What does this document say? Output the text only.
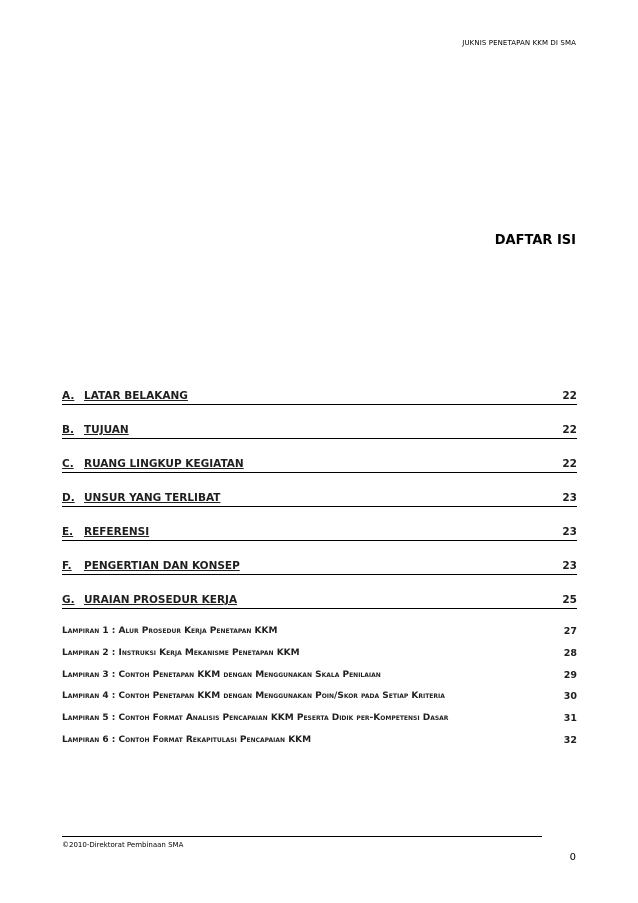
JUKNIS PENETAPAN KKM DI SMA
DAFTAR ISI
A. LATAR BELAKANG	22
B. TUJUAN	22
C. RUANG LINGKUP KEGIATAN	22
D. UNSUR YANG TERLIBAT	23
E. REFERENSI	23
F. PENGERTIAN DAN KONSEP	23
G. URAIAN PROSEDUR KERJA	25
Lampiran 1 : Alur Prosedur Kerja Penetapan KKM	27
Lampiran 2 : Instruksi Kerja Mekanisme Penetapan KKM	28
Lampiran 3 : Contoh Penetapan KKM dengan Menggunakan Skala Penilaian	29
Lampiran 4 : Contoh Penetapan KKM dengan Menggunakan Poin/Skor pada Setiap Kriteria	30
Lampiran 5 : Contoh Format Analisis Pencapaian KKM Peserta Didik per-Kompetensi Dasar	31
Lampiran 6 : Contoh Format Rekapitulasi Pencapaian KKM	32
©2010-Direktorat Pembinaan SMA
0
